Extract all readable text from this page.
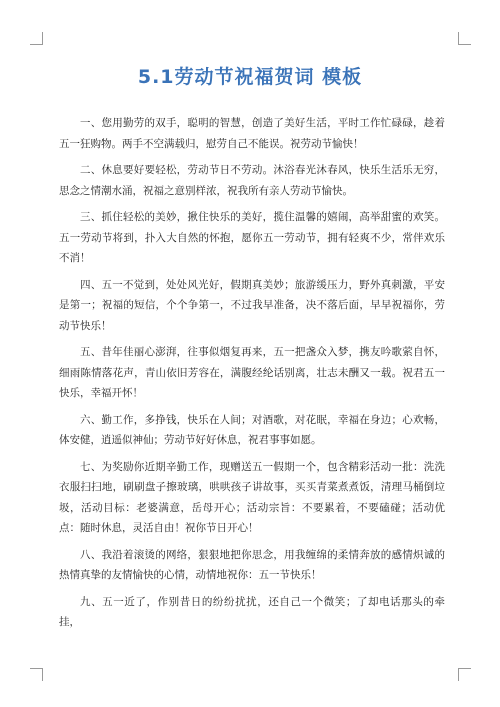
5.1劳动节祝福贺词 模板

一、您用勤劳的双手，聪明的智慧，创造了美好生活，平时工作忙碌碌，趁着五一狂购物。两手不空满载归，慰劳自己不能误。祝劳动节愉快！

二、休息要好要轻松，劳动节日不劳动。沐浴春光沐春风，快乐生活乐无穷，思念之情潮水涌，祝福之意别样浓，祝我所有亲人劳动节愉快。

三、抓住轻松的美妙，揪住快乐的美好，揽住温馨的嬉闹，高举甜蜜的欢笑。五一劳动节将到，扑入大自然的怀抱，愿你五一劳动节，拥有轻爽不少，常伴欢乐不消！

四、五一不觉到，处处风光好，假期真美妙；旅游缓压力，野外真刺激，平安是第一；祝福的短信，个个争第一，不过我早准备，决不落后面，早早祝福你，劳动节快乐！

五、昔年佳丽心澎湃，往事似烟复再来，五一把盏众入梦，携友吟歌萦自怀，细雨陈情落花声，青山依旧芳容在，满腹经纶话别离，壮志未酬又一载。祝君五一快乐，幸福开怀！

六、勤工作，多挣钱，快乐在人间；对酒歌，对花眠，幸福在身边；心欢畅，体安健，逍遥似神仙；劳动节好好休息，祝君事事如愿。

七、为奖励你近期辛勤工作，现赠送五一假期一个，包含精彩活动一批：洗洗衣服扫扫地，刷刷盘子擦玻璃，哄哄孩子讲故事，买买青菜煮煮饭，清理马桶倒垃圾，活动目标：老婆满意，岳母开心；活动宗旨：不要累着，不要磕碰；活动优点：随时休息，灵活自由！祝你节日开心！

八、我沿着滚烫的网络，狠狠地把你思念，用我缠绵的柔情奔放的感情炽诚的热情真挚的友情愉快的心情，动情地祝你：五一节快乐！

九、五一近了，作别昔日的纷纷扰扰，还自己一个微笑；了却电话那头的牵挂，
